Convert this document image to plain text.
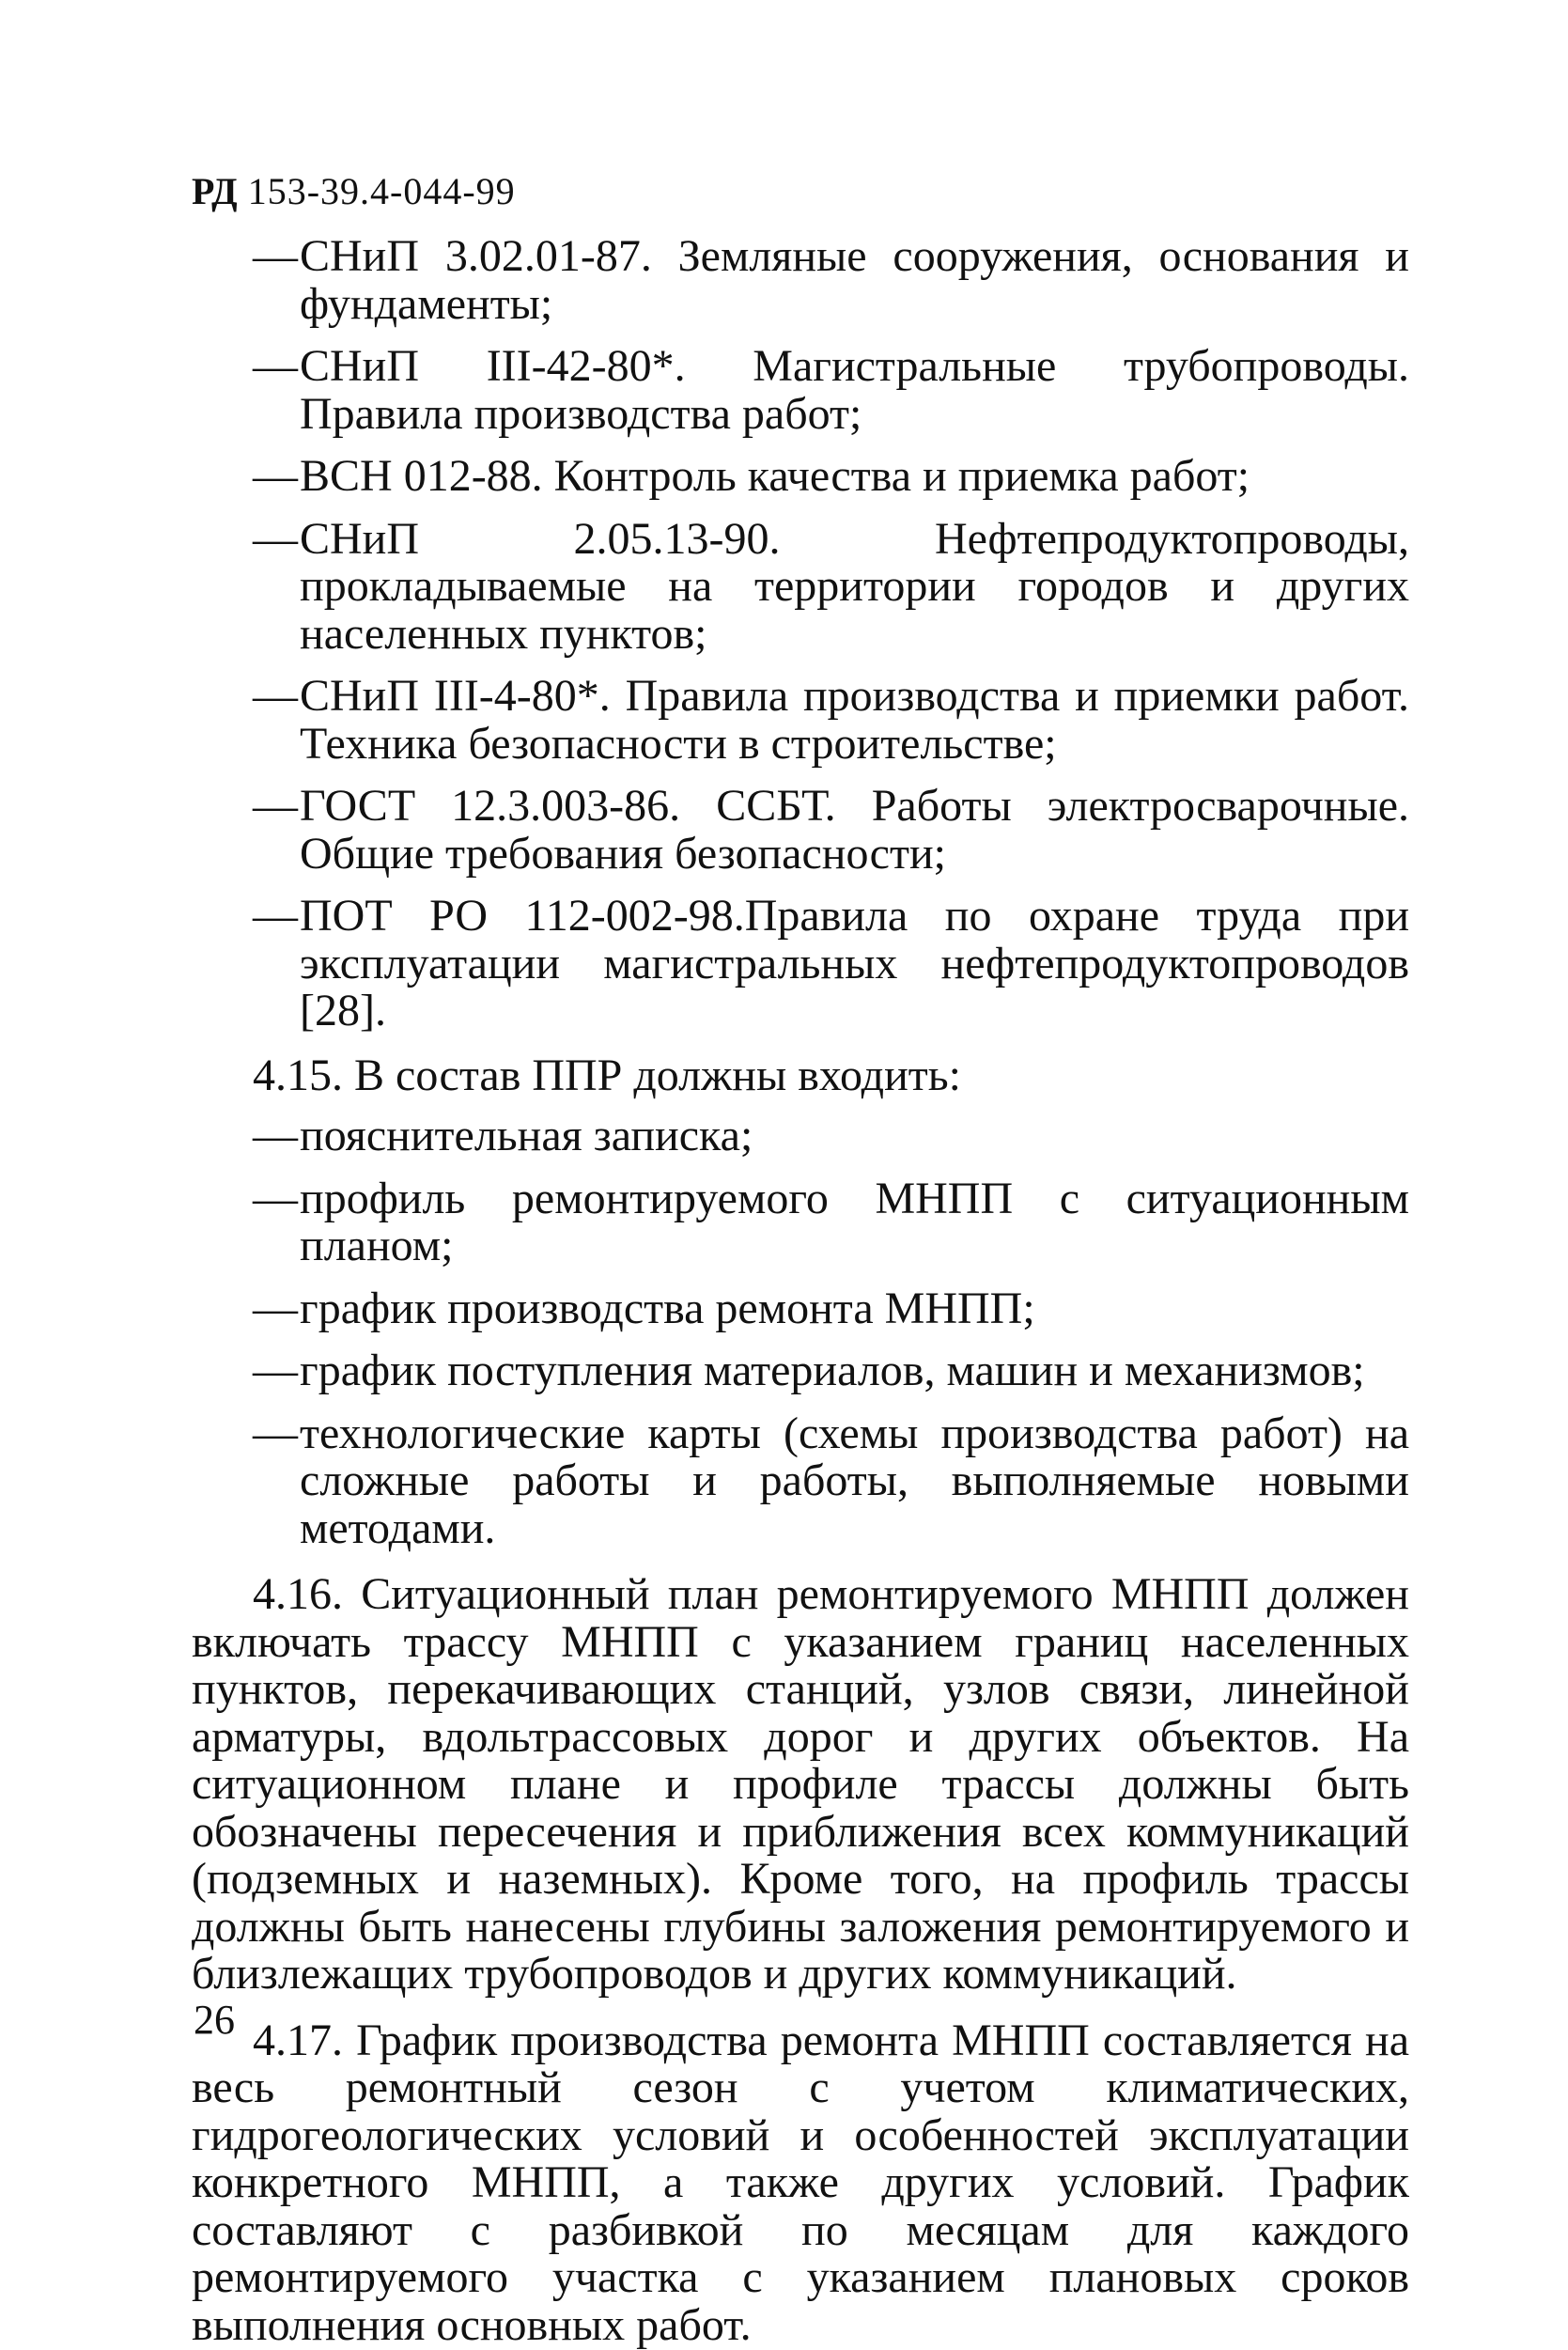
РД 153-39.4-044-99
— СНиП 3.02.01-87. Земляные сооружения, основания и фундаменты;
— СНиП III-42-80*. Магистральные трубопроводы. Правила производства работ;
— ВСН 012-88. Контроль качества и приемка работ;
— СНиП 2.05.13-90. Нефтепродуктопроводы, прокладываемые на территории городов и других населенных пунктов;
— СНиП III-4-80*. Правила производства и приемки работ. Техника безопасности в строительстве;
— ГОСТ 12.3.003-86. ССБТ. Работы электросварочные. Общие требования безопасности;
— ПОТ РО 112-002-98.Правила по охране труда при эксплуатации магистральных нефтепродуктопроводов [28].

4.15. В состав ППР должны входить:

— пояснительная записка;
— профиль ремонтируемого МНПП с ситуационным планом;
— график производства ремонта МНПП;
— график поступления материалов, машин и механизмов;
— технологические карты (схемы производства работ) на сложные работы и работы, выполняемые новыми методами.

4.16. Ситуационный план ремонтируемого МНПП должен включать трассу МНПП с указанием границ населенных пунктов, перекачивающих станций, узлов связи, линейной арматуры, вдольтрассовых дорог и других объектов. На ситуационном плане и профиле трассы должны быть обозначены пересечения и приближения всех коммуникаций (подземных и наземных). Кроме того, на профиль трассы должны быть нанесены глубины заложения ремонтируемого и близлежащих трубопроводов и других коммуникаций.

4.17. График производства ремонта МНПП составляется на весь ремонтный сезон с учетом климатических, гидрогеологических условий и особенностей эксплуатации конкретного МНПП, а также других условий. График составляют с разбивкой по месяцам для каждого ремонтируемого участка с указанием плановых сроков выполнения основных работ.

26
